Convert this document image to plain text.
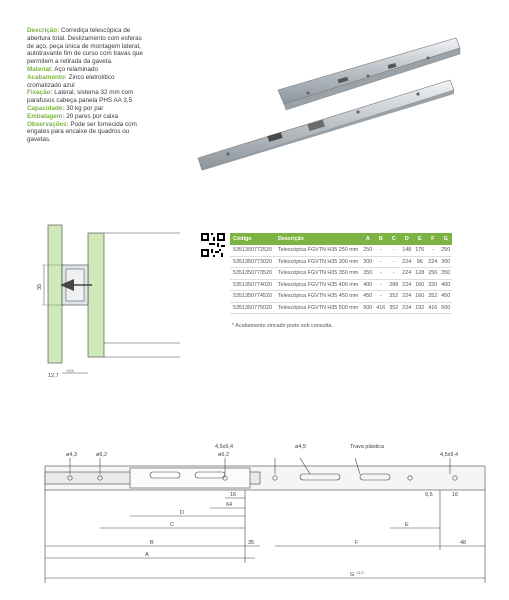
Descrição: Corrediça telescópica de
abertura total. Deslizamento com esferas
de aço, peça única de montagem lateral,
autotravante fim de curso com travas que
permitem a retirada da gaveta.
Material: Aço relaminado
Acabamento: Zinco eletrolítico
cromatizado azul
Fixação: Lateral, sistema 32 mm com
parafusos cabeça panela PHS AA 3,5
Capacidade: 30 kg por par
Embalagem: 20 pares por caixa
Observações: Pode ser fornecida com
engates para encaixe de quadros ou
gavetas.
35
12,7
+0,5
Código	Descrição	A	B	C	D	E	F	G
5351350772520	Telescópica FGVTN H35 250 mm	250	-	-	148	176	-	250
5351350773020	Telescópica FGVTN H35 300 mm	300	-	-	224	96	224	300
5351350773520	Telescópica FGVTN H35 350 mm	350	-	-	224	128	256	350
5351350774020	Telescópica FGVTN H35 400 mm	400	-	288	224	160	320	400
5351350774520	Telescópica FGVTN H35 450 mm	450	-	352	224	160	352	450
5351350775020	Telescópica FGVTN H35 500 mm	500	416	352	224	192	416	500
* Acabamento zincado preto sob consulta.
ø4,3	ø6,2
4,5x9,4
ø6,2
ø4,5	Trava plástica
4,5x9,4
16
64
D
C
B	35
A
9,5	16
E
F	48
G +1,0
